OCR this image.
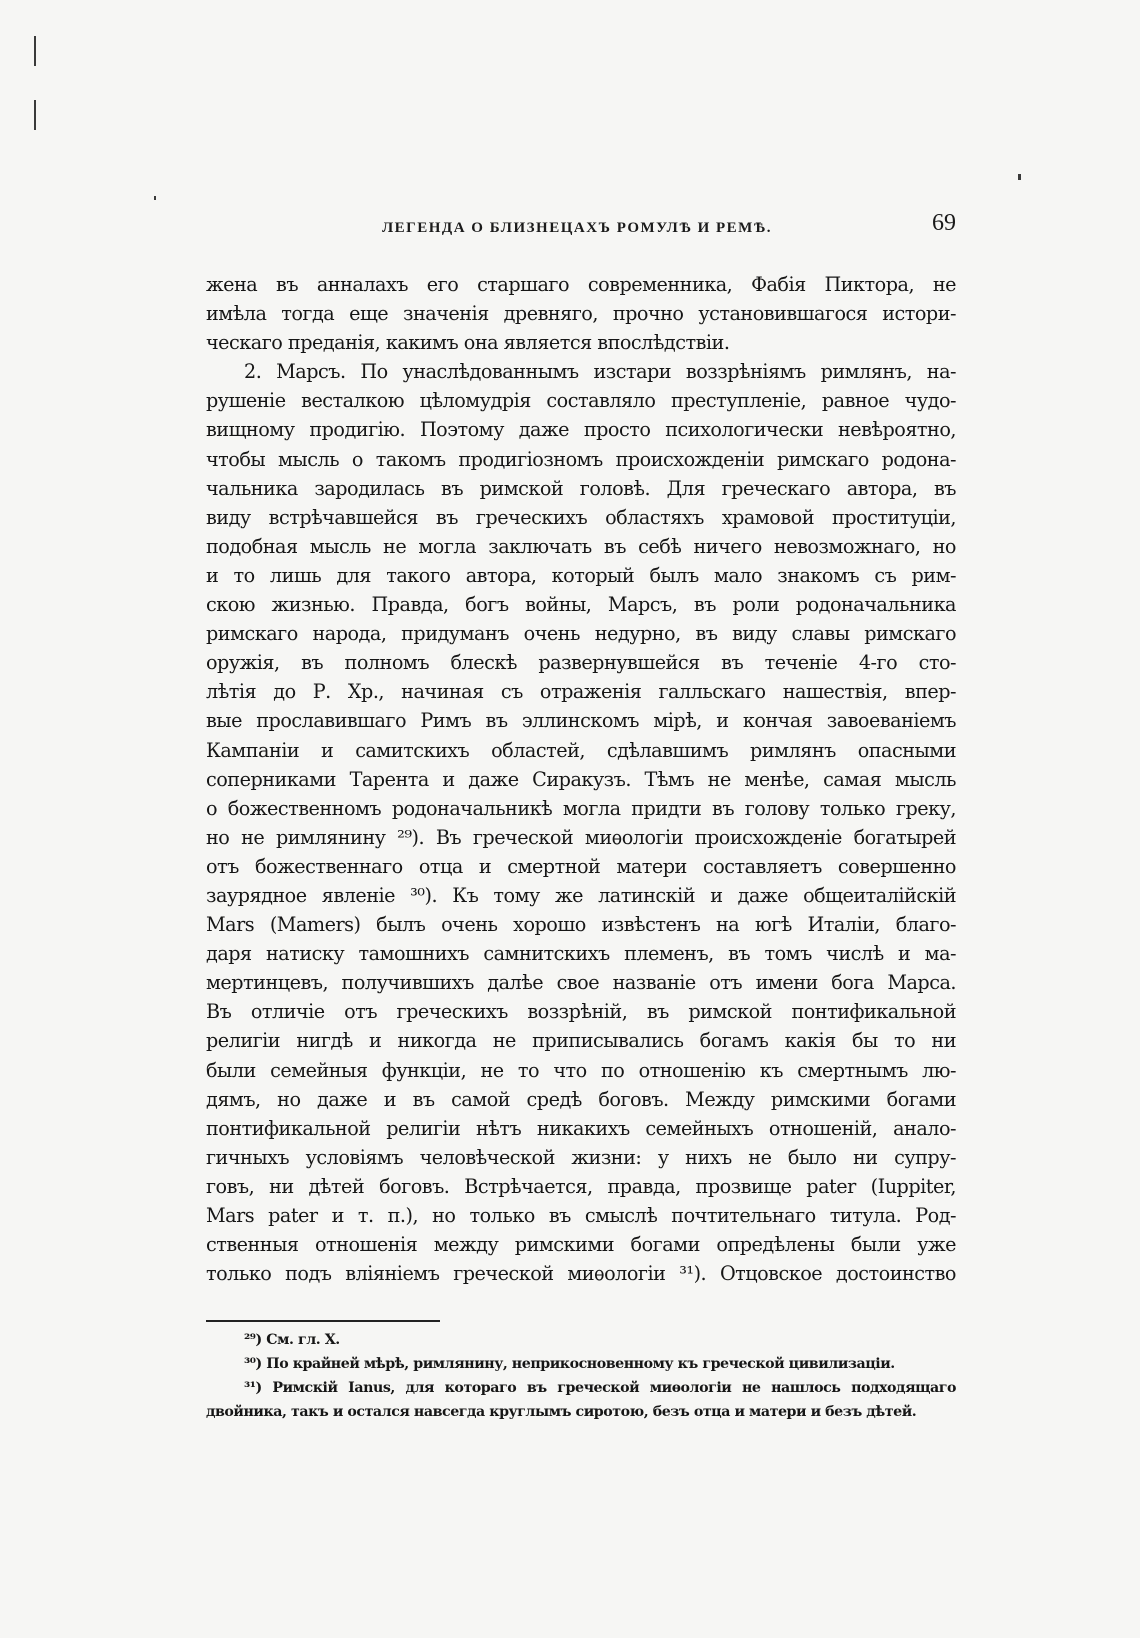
ЛЕГЕНДА О БЛИЗНЕЦАХЪ РОМУЛѢ И РЕМѢ.	69
жена въ анналахъ его старшаго современника, Фабія Пиктора, не
имѣла тогда еще значенія древняго, прочно установившагося истори-
ческаго преданія, какимъ она является впослѣдствіи.
2. Марсъ. По унаслѣдованнымъ изстари воззрѣніямъ римлянъ, на-
рушеніе весталкою цѣломудрія составляло преступленіе, равное чудо-
вищному продигію. Поэтому даже просто психологически невѣроятно,
чтобы мысль о такомъ продигіозномъ происхожденіи римскаго родона-
чальника зародилась въ римской головѣ. Для греческаго автора, въ
виду встрѣчавшейся въ греческихъ областяхъ храмовой проституціи,
подобная мысль не могла заключать въ себѣ ничего невозможнаго, но
и то лишь для такого автора, который былъ мало знакомъ съ рим-
скою жизнью. Правда, богъ войны, Марсъ, въ роли родоначальника
римскаго народа, придуманъ очень недурно, въ виду славы римскаго
оружія, въ полномъ блескѣ развернувшейся въ теченіе 4-го сто-
лѣтія до Р. Хр., начиная съ отраженія галльскаго нашествія, впер-
вые прославившаго Римъ въ эллинскомъ мірѣ, и кончая завоеваніемъ
Кампаніи и самитскихъ областей, сдѣлавшимъ римлянъ опасными
соперниками Тарента и даже Сиракузъ. Тѣмъ не менѣе, самая мысль
о божественномъ родоначальникѣ могла придти въ голову только греку,
но не римлянину ²⁹). Въ греческой миѳологіи происхожденіе богатырей
отъ божественнаго отца и смертной матери составляетъ совершенно
заурядное явленіе ³⁰). Къ тому же латинскій и даже общеиталійскій
Mars (Mamers) былъ очень хорошо извѣстенъ на югѣ Италіи, благо-
даря натиску тамошнихъ самнитскихъ племенъ, въ томъ числѣ и ма-
мертинцевъ, получившихъ далѣе свое названіе отъ имени бога Марса.
Въ отличіе отъ греческихъ воззрѣній, въ римской понтификальной
религіи нигдѣ и никогда не приписывались богамъ какія бы то ни
были семейныя функціи, не то что по отношенію къ смертнымъ лю-
дямъ, но даже и въ самой средѣ боговъ. Между римскими богами
понтификальной религіи нѣтъ никакихъ семейныхъ отношеній, аналo-
гичныхъ условіямъ человѣческой жизни: у нихъ не было ни супру-
говъ, ни дѣтей боговъ. Встрѣчается, правда, прозвище pater (Iuppiter,
Mars pater и т. п.), но только въ смыслѣ почтительнаго титула. Род-
ственныя отношенія между римскими богами опредѣлены были уже
только подъ вліяніемъ греческой миѳологіи ³¹). Отцовское достоинство
²⁹) См. гл. X.
³⁰) По крайней мѣрѣ, римлянину, неприкосновенному къ греческой цивилизаціи.
³¹) Римскій Ianus, для котораго въ греческой миѳологіи не нашлось подходящаго
двойника, такъ и остался навсегда круглымъ сиротою, безъ отца и матери и безъ дѣтей.
